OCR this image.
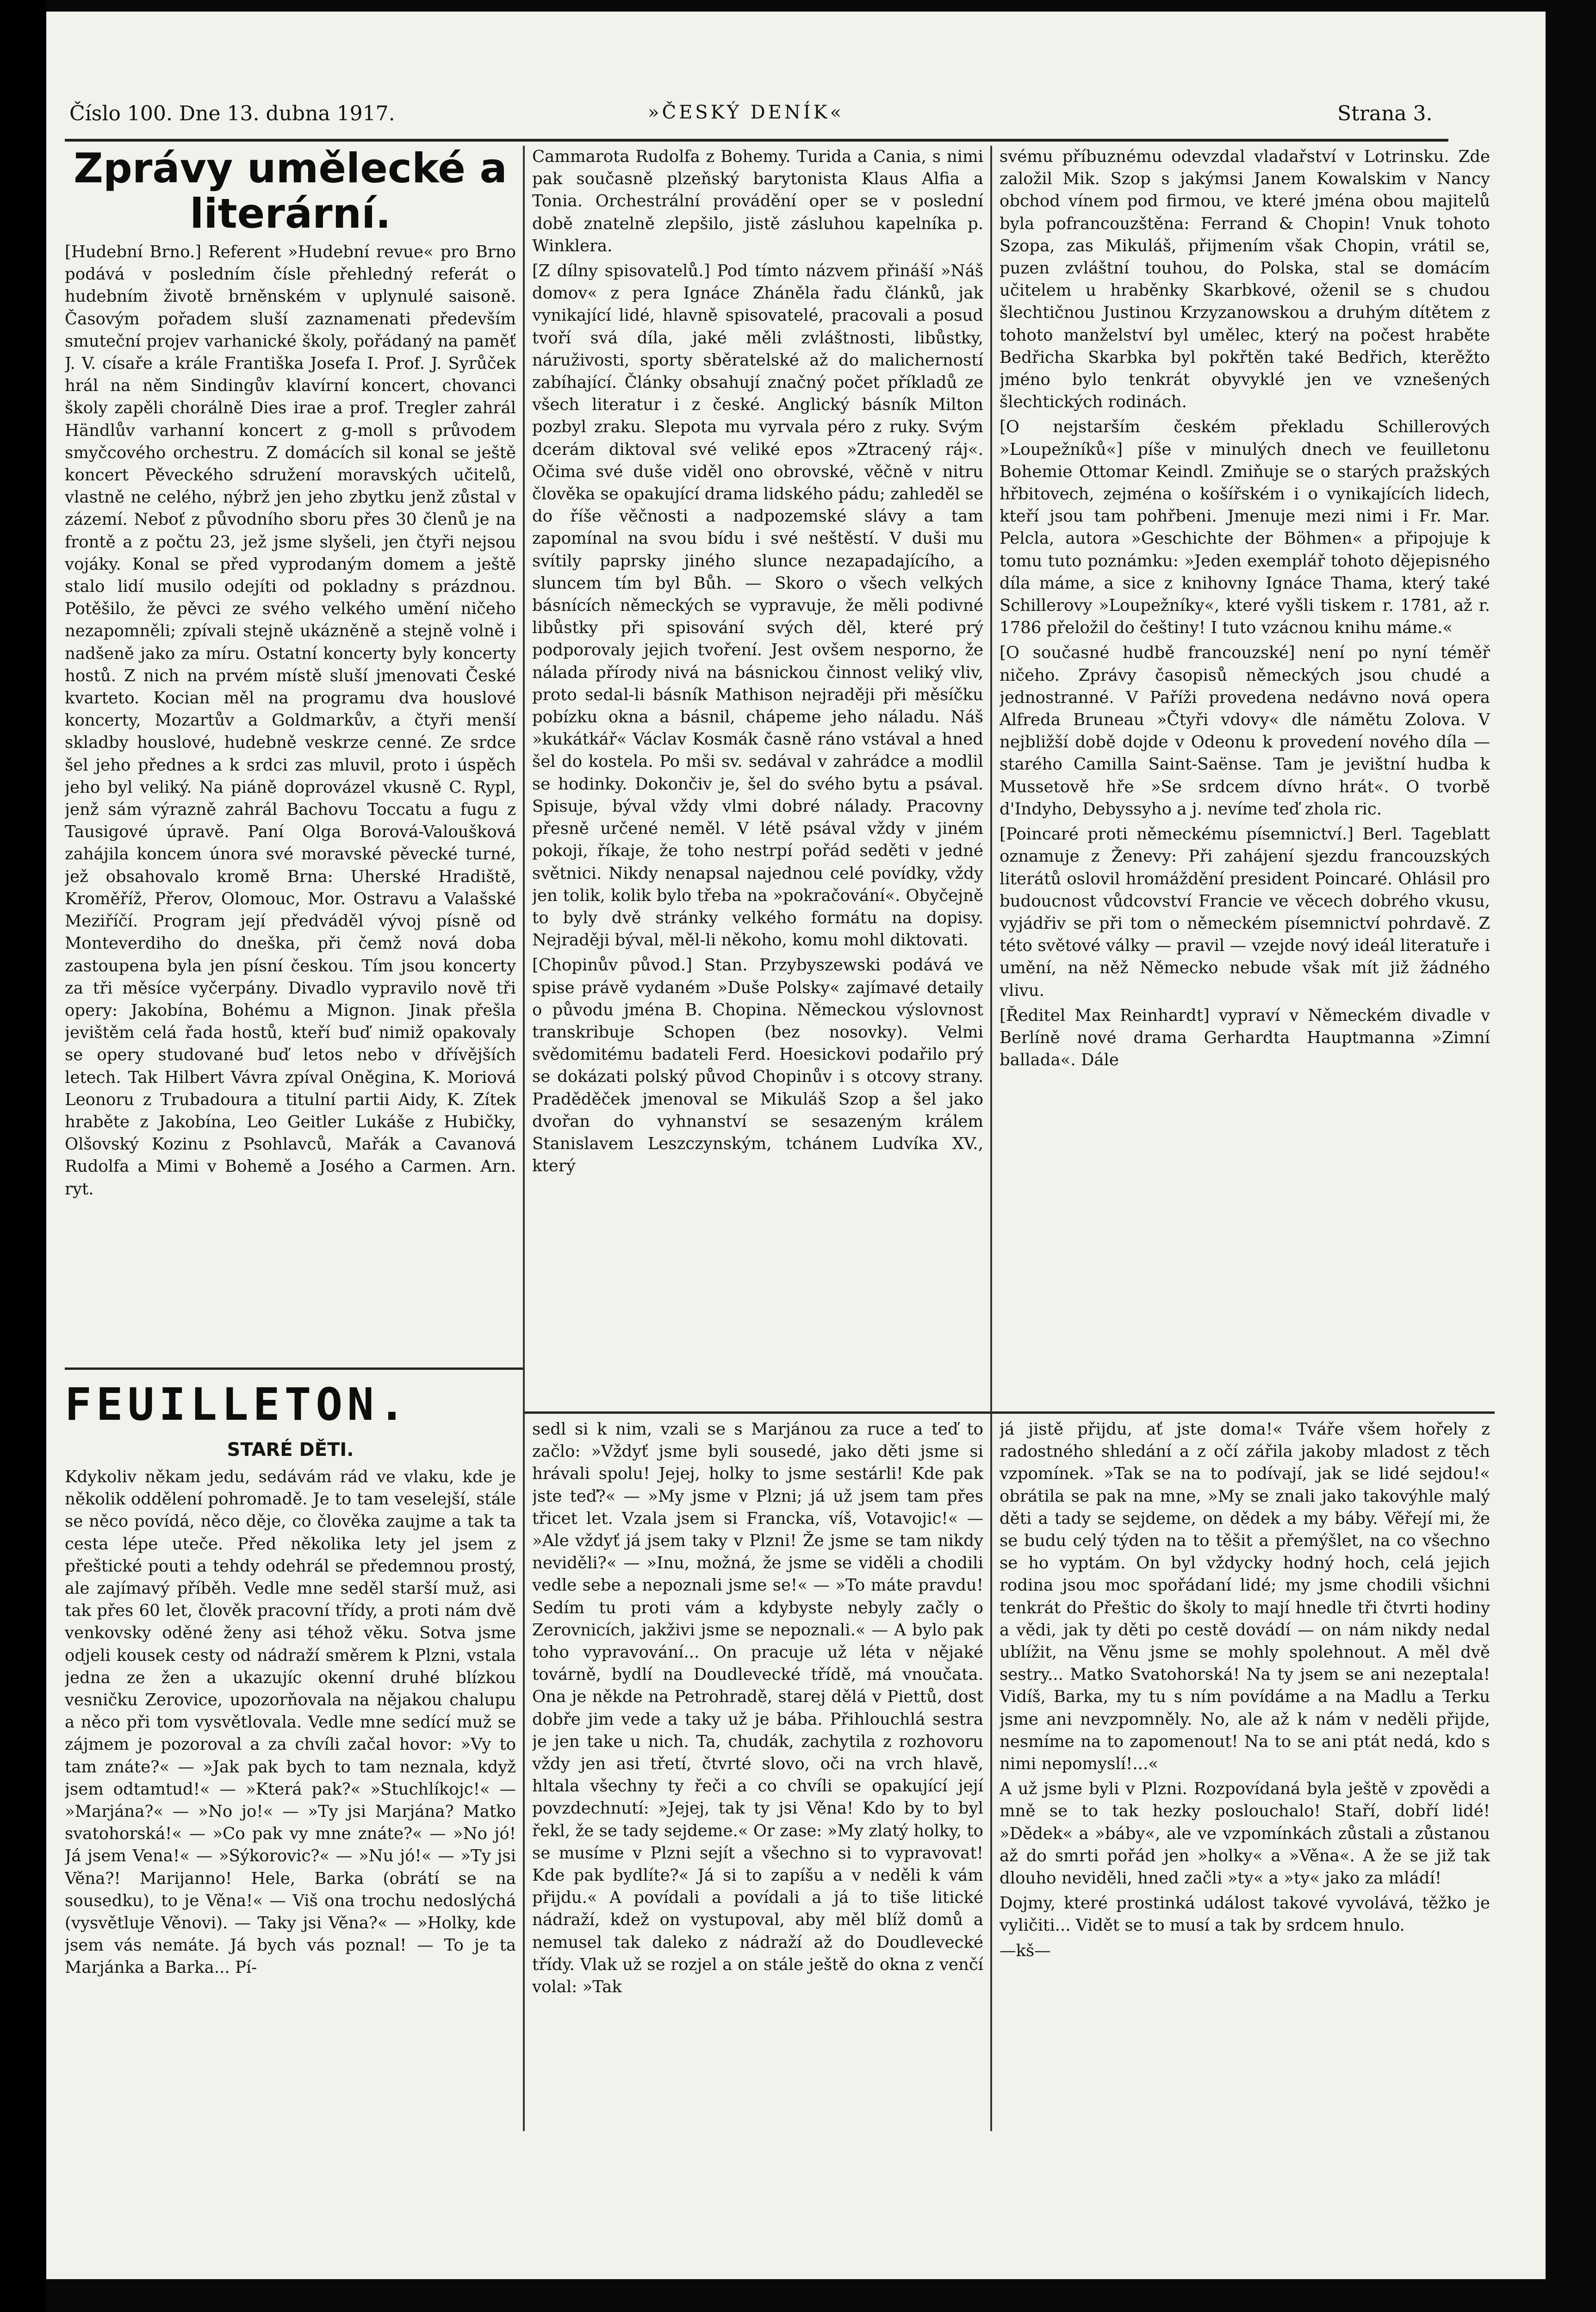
Číslo 100. Dne 13. dubna 1917.	»ČESKÝ DENÍK«	Strana 3.
Zprávy umělecké a literární.

[Hudební Brno.] Referent »Hudební revue« pro Brno podává v posledním čísle přehledný referát o hudebním životě brněnském v uplynulé saisoně. Časovým pořadem sluší zaznamenati především smuteční projev varhanické školy, pořádaný na paměť J. V. císaře a krále Františka Josefa I. Prof. J. Syrůček hrál na něm Sindingův klavírní koncert, chovanci školy zapěli chorálně Dies irae a prof. Tregler zahrál Händlův varhanní koncert z g-moll s průvodem smyčcového orchestru. Z domácích sil konal se ještě koncert Pěveckého sdružení moravských učitelů, vlastně ne celého, nýbrž jen jeho zbytku jenž zůstal v zázemí. Neboť z původního sboru přes 30 členů je na frontě a z počtu 23, jež jsme slyšeli, jen čtyři nejsou vojáky. Konal se před vyprodaným domem a ještě stalo lidí musilo odejíti od pokladny s prázdnou. Potěšilo, že pěvci ze svého velkého umění ničeho nezapomněli; zpívali stejně ukázněně a stejně volně i nadšeně jako za míru. Ostatní koncerty byly koncerty hostů. Z nich na prvém místě sluší jmenovati České kvarteto. Kocian měl na programu dva houslové koncerty, Mozartův a Goldmarkův, a čtyři menší skladby houslové, hudebně veskrze cenné. Ze srdce šel jeho přednes a k srdci zas mluvil, proto i úspěch jeho byl veliký. Na piáně doprovázel vkusně C. Rypl, jenž sám výrazně zahrál Bachovu Toccatu a fugu z Tausigové úpravě. Paní Olga Borová-Valoušková zahájila koncem února své moravské pěvecké turné, jež obsahovalo kromě Brna: Uherské Hradiště, Kroměříž, Přerov, Olomouc, Mor. Ostravu a Valašské Meziříčí. Program její předváděl vývoj písně od Monteverdiho do dneška, při čemž nová doba zastoupena byla jen písní českou. Tím jsou koncerty za tři měsíce vyčerpány. Divadlo vypravilo nově tři opery: Jakobína, Bohému a Mignon. Jinak přešla jevištěm celá řada hostů, kteří buď nimiž opakovaly se opery studované buď letos nebo v dřívějších letech. Tak Hilbert Vávra zpíval Oněgina, K. Moriová Leonoru z Trubadoura a titulní partii Aidy, K. Zítek hraběte z Jakobína, Leo Geitler Lukáše z Hubičky, Olšovský Kozinu z Psohlavců, Mařák a Cavanová Rudolfa a Mimi v Bohemě a Josého a Carmen. Arn. ryt.

Cammarota Rudolfa z Bohemy. Turida a Cania, s nimi pak současně plzeňský barytonista Klaus Alfia a Tonia. Orchestrální provádění oper se v poslední době znatelně zlepšilo, jistě zásluhou kapelníka p. Winklera.

[Z dílny spisovatelů.] Pod tímto názvem přináší »Náš domov« z pera Ignáce Zháněla řadu článků, jak vynikající lidé, hlavně spisovatelé, pracovali a posud tvoří svá díla, jaké měli zvláštnosti, libůstky, náruživosti, sporty sběratelské až do malicherností zabíhající. Články obsahují značný počet příkladů ze všech literatur i z české. Anglický básník Milton pozbyl zraku. Slepota mu vyrvala péro z ruky. Svým dcerám diktoval své veliké epos »Ztracený ráj«. Očima své duše viděl ono obrovské, věčně v nitru člověka se opakující drama lidského pádu; zahleděl se do říše věčnosti a nadpozemské slávy a tam zapomínal na svou bídu i své neštěstí. V duši mu svítily paprsky jiného slunce nezapadajícího, a sluncem tím byl Bůh. — Skoro o všech velkých básnících německých se vypravuje, že měli podivné libůstky při spisování svých děl, které prý podporovaly jejich tvoření. Jest ovšem nesporno, že nálada přírody nivá na básnickou činnost veliký vliv, proto sedal-li básník Mathison nejraději při měsíčku pobízku okna a básnil, chápeme jeho náladu. Náš »kukátkář« Václav Kosmák časně ráno vstával a hned šel do kostela. Po mši sv. sedával v zahrádce a modlil se hodinky. Dokončiv je, šel do svého bytu a psával. Spisuje, býval vždy vlmi dobré nálady. Pracovny přesně určené neměl. V létě psával vždy v jiném pokoji, říkaje, že toho nestrpí pořád seděti v jedné světnici. Nikdy nenapsal najednou celé povídky, vždy jen tolik, kolik bylo třeba na »pokračování«. Obyčejně to byly dvě stránky velkého formátu na dopisy. Nejraději býval, měl-li někoho, komu mohl diktovati.

[Chopinův původ.] Stan. Przybyszewski podává ve spise právě vydaném »Duše Polsky« zajímavé detaily o původu jména B. Chopina. Německou výslovnost transkribuje Schopen (bez nosovky). Velmi svědomitému badateli Ferd. Hoesickovi podařilo prý se dokázati polský původ Chopinův i s otcovy strany. Praděděček jmenoval se Mikuláš Szop a šel jako dvořan do vyhnanství se sesazeným králem Stanislavem Leszczynským, tchánem Ludvíka XV., který

svému příbuznému odevzdal vladařství v Lotrinsku. Zde založil Mik. Szop s jakýmsi Janem Kowalskim v Nancy obchod vínem pod firmou, ve které jména obou majitelů byla pofrancouzštěna: Ferrand & Chopin! Vnuk tohoto Szopa, zas Mikuláš, přijmením však Chopin, vrátil se, puzen zvláštní touhou, do Polska, stal se domácím učitelem u hraběnky Skarbkové, oženil se s chudou šlechtičnou Justinou Krzyzanowskou a druhým dítětem z tohoto manželství byl umělec, který na počest hraběte Bedřicha Skarbka byl pokřtěn také Bedřich, kterěžto jméno bylo tenkrát obyvyklé jen ve vznešených šlechtických rodinách.

[O nejstarším českém překladu Schillerových »Loupežníků«] píše v minulých dnech ve feuilletonu Bohemie Ottomar Keindl. Zmiňuje se o starých pražských hřbitovech, zejména o košířském i o vynikajících lidech, kteří jsou tam pohřbeni. Jmenuje mezi nimi i Fr. Mar. Pelcla, autora »Geschichte der Böhmen« a připojuje k tomu tuto poznámku: »Jeden exemplář tohoto dějepisného díla máme, a sice z knihovny Ignáce Thama, který také Schillerovy »Loupežníky«, které vyšli tiskem r. 1781, až r. 1786 přeložil do češtiny! I tuto vzácnou knihu máme.«

[O současné hudbě francouzské] není po nyní téměř ničeho. Zprávy časopisů německých jsou chudé a jednostranné. V Paříži provedena nedávno nová opera Alfreda Bruneau »Čtyři vdovy« dle námětu Zolova. V nejbližší době dojde v Odeonu k provedení nového díla — starého Camilla Saint-Saënse. Tam je jevištní hudba k Mussetově hře »Se srdcem dívno hrát«. O tvorbě d'Indyho, Debyssyho a j. nevíme teď zhola ric.

[Poincaré proti německému písemnictví.] Berl. Tageblatt oznamuje z Ženevy: Při zahájení sjezdu francouzských literátů oslovil hromáždění president Poincaré. Ohlásil pro budoucnost vůdcovství Francie ve věcech dobrého vkusu, vyjádřiv se při tom o německém písemnictví pohrdavě. Z této světové války — pravil — vzejde nový ideál literatuře i umění, na něž Německo nebude však mít již žádného vlivu.

[Ředitel Max Reinhardt] vypraví v Německém divadle v Berlíně nové drama Gerhardta Hauptmanna »Zimní ballada«. Dále

FEUILLETON.
STARÉ DĚTI.

Kdykoliv někam jedu, sedávám rád ve vlaku, kde je několik oddělení pohromadě. Je to tam veselejší, stále se něco povídá, něco děje, co člověka zaujme a tak ta cesta lépe uteče. Před několika lety jel jsem z přeštické pouti a tehdy odehrál se předemnou prostý, ale zajímavý příběh. Vedle mne seděl starší muž, asi tak přes 60 let, člověk pracovní třídy, a proti nám dvě venkovsky oděné ženy asi téhož věku. Sotva jsme odjeli kousek cesty od nádraží směrem k Plzni, vstala jedna ze žen a ukazujíc okenní druhé blízkou vesničku Zerovice, upozorňovala na nějakou chalupu a něco při tom vysvětlovala. Vedle mne sedící muž se zájmem je pozoroval a za chvíli začal hovor: »Vy to tam znáte?« — »Jak pak bych to tam neznala, když jsem odtamtud!« — »Která pak?« »Stuchlíkojc!« — »Marjána?« — »No jo!« — »Ty jsi Marjána? Matko svatohorská!« — »Co pak vy mne znáte?« — »No jó! Já jsem Vena!« — »Sýkorovic?« — »Nu jó!« — »Ty jsi Věna?! Marijanno! Hele, Barka (obrátí se na sousedku), to je Věna!« — Viš ona trochu nedoslýchá (vysvětluje Věnovi). — Taky jsi Věna?« — »Holky, kde jsem vás nemáte. Já bych vás poznal! — To je ta Marjánka a Barka... Pí-

sedl si k nim, vzali se s Marjánou za ruce a teď to začlo: »Vždyť jsme byli sousedé, jako děti jsme si hrávali spolu! Jejej, holky to jsme sestárli! Kde pak jste teď?« — »My jsme v Plzni; já už jsem tam přes třicet let. Vzala jsem si Francka, víš, Votavojic!« — »Ale vždyť já jsem taky v Plzni! Že jsme se tam nikdy neviděli?« — »Inu, možná, že jsme se viděli a chodili vedle sebe a nepoznali jsme se!« — »To máte pravdu! Sedím tu proti vám a kdybyste nebyly začly o Zerovnicích, jakživi jsme se nepoznali.« — A bylo pak toho vypravování... On pracuje už léta v nějaké továrně, bydlí na Doudlevecké třídě, má vnoučata. Ona je někde na Petrohradě, starej dělá v Piettů, dost dobře jim vede a taky už je bába. Přihlouchlá sestra je jen take u nich. Ta, chudák, zachytila z rozhovoru vždy jen asi třetí, čtvrté slovo, oči na vrch hlavě, hltala všechny ty řeči a co chvíli se opakující její povzdechnutí: »Jejej, tak ty jsi Věna! Kdo by to byl řekl, že se tady sejdeme.« Or zase: »My zlatý holky, to se musíme v Plzni sejít a všechno si to vypravovat! Kde pak bydlíte?« Já si to zapíšu a v neděli k vám přijdu.« A povídali a povídali a já to tiše litické nádraží, kdež on vystupoval, aby měl blíž domů a nemusel tak daleko z nádraží až do Doudlevecké třídy. Vlak už se rozjel a on stále ještě do okna z venčí volal: »Tak

já jistě přijdu, ať jste doma!« Tváře všem hořely z radostného shledání a z očí zářila jakoby mladost z těch vzpomínek. »Tak se na to podívají, jak se lidé sejdou!« obrátila se pak na mne, »My se znali jako takovýhle malý děti a tady se sejdeme, on dědek a my báby. Věřejí mi, že se budu celý týden na to těšit a přemýšlet, na co všechno se ho vyptám. On byl vždycky hodný hoch, celá jejich rodina jsou moc spořádaní lidé; my jsme chodili všichni tenkrát do Přeštic do školy to mají hnedle tři čtvrti hodiny a vědi, jak ty děti po cestě dovádí — on nám nikdy nedal ublížit, na Věnu jsme se mohly spolehnout. A měl dvě sestry... Matko Svatohorská! Na ty jsem se ani nezeptala! Vidíš, Barka, my tu s ním povídáme a na Madlu a Terku jsme ani nevzpomněly. No, ale až k nám v neděli přijde, nesmíme na to zapomenout! Na to se ani ptát nedá, kdo s nimi nepomyslí!...«

A už jsme byli v Plzni. Rozpovídaná byla ještě v zpovědi a mně se to tak hezky poslouchalo! Staří, dobří lidé! »Dědek« a »báby«, ale ve vzpomínkách zůstali a zůstanou až do smrti pořád jen »holky« a »Věna«. A že se již tak dlouho neviděli, hned začli »ty« a »ty« jako za mládí!

Dojmy, které prostinká událost takové vyvolává, těžko je vyličiti... Vidět se to musí a tak by srdcem hnulo.

—kš—
